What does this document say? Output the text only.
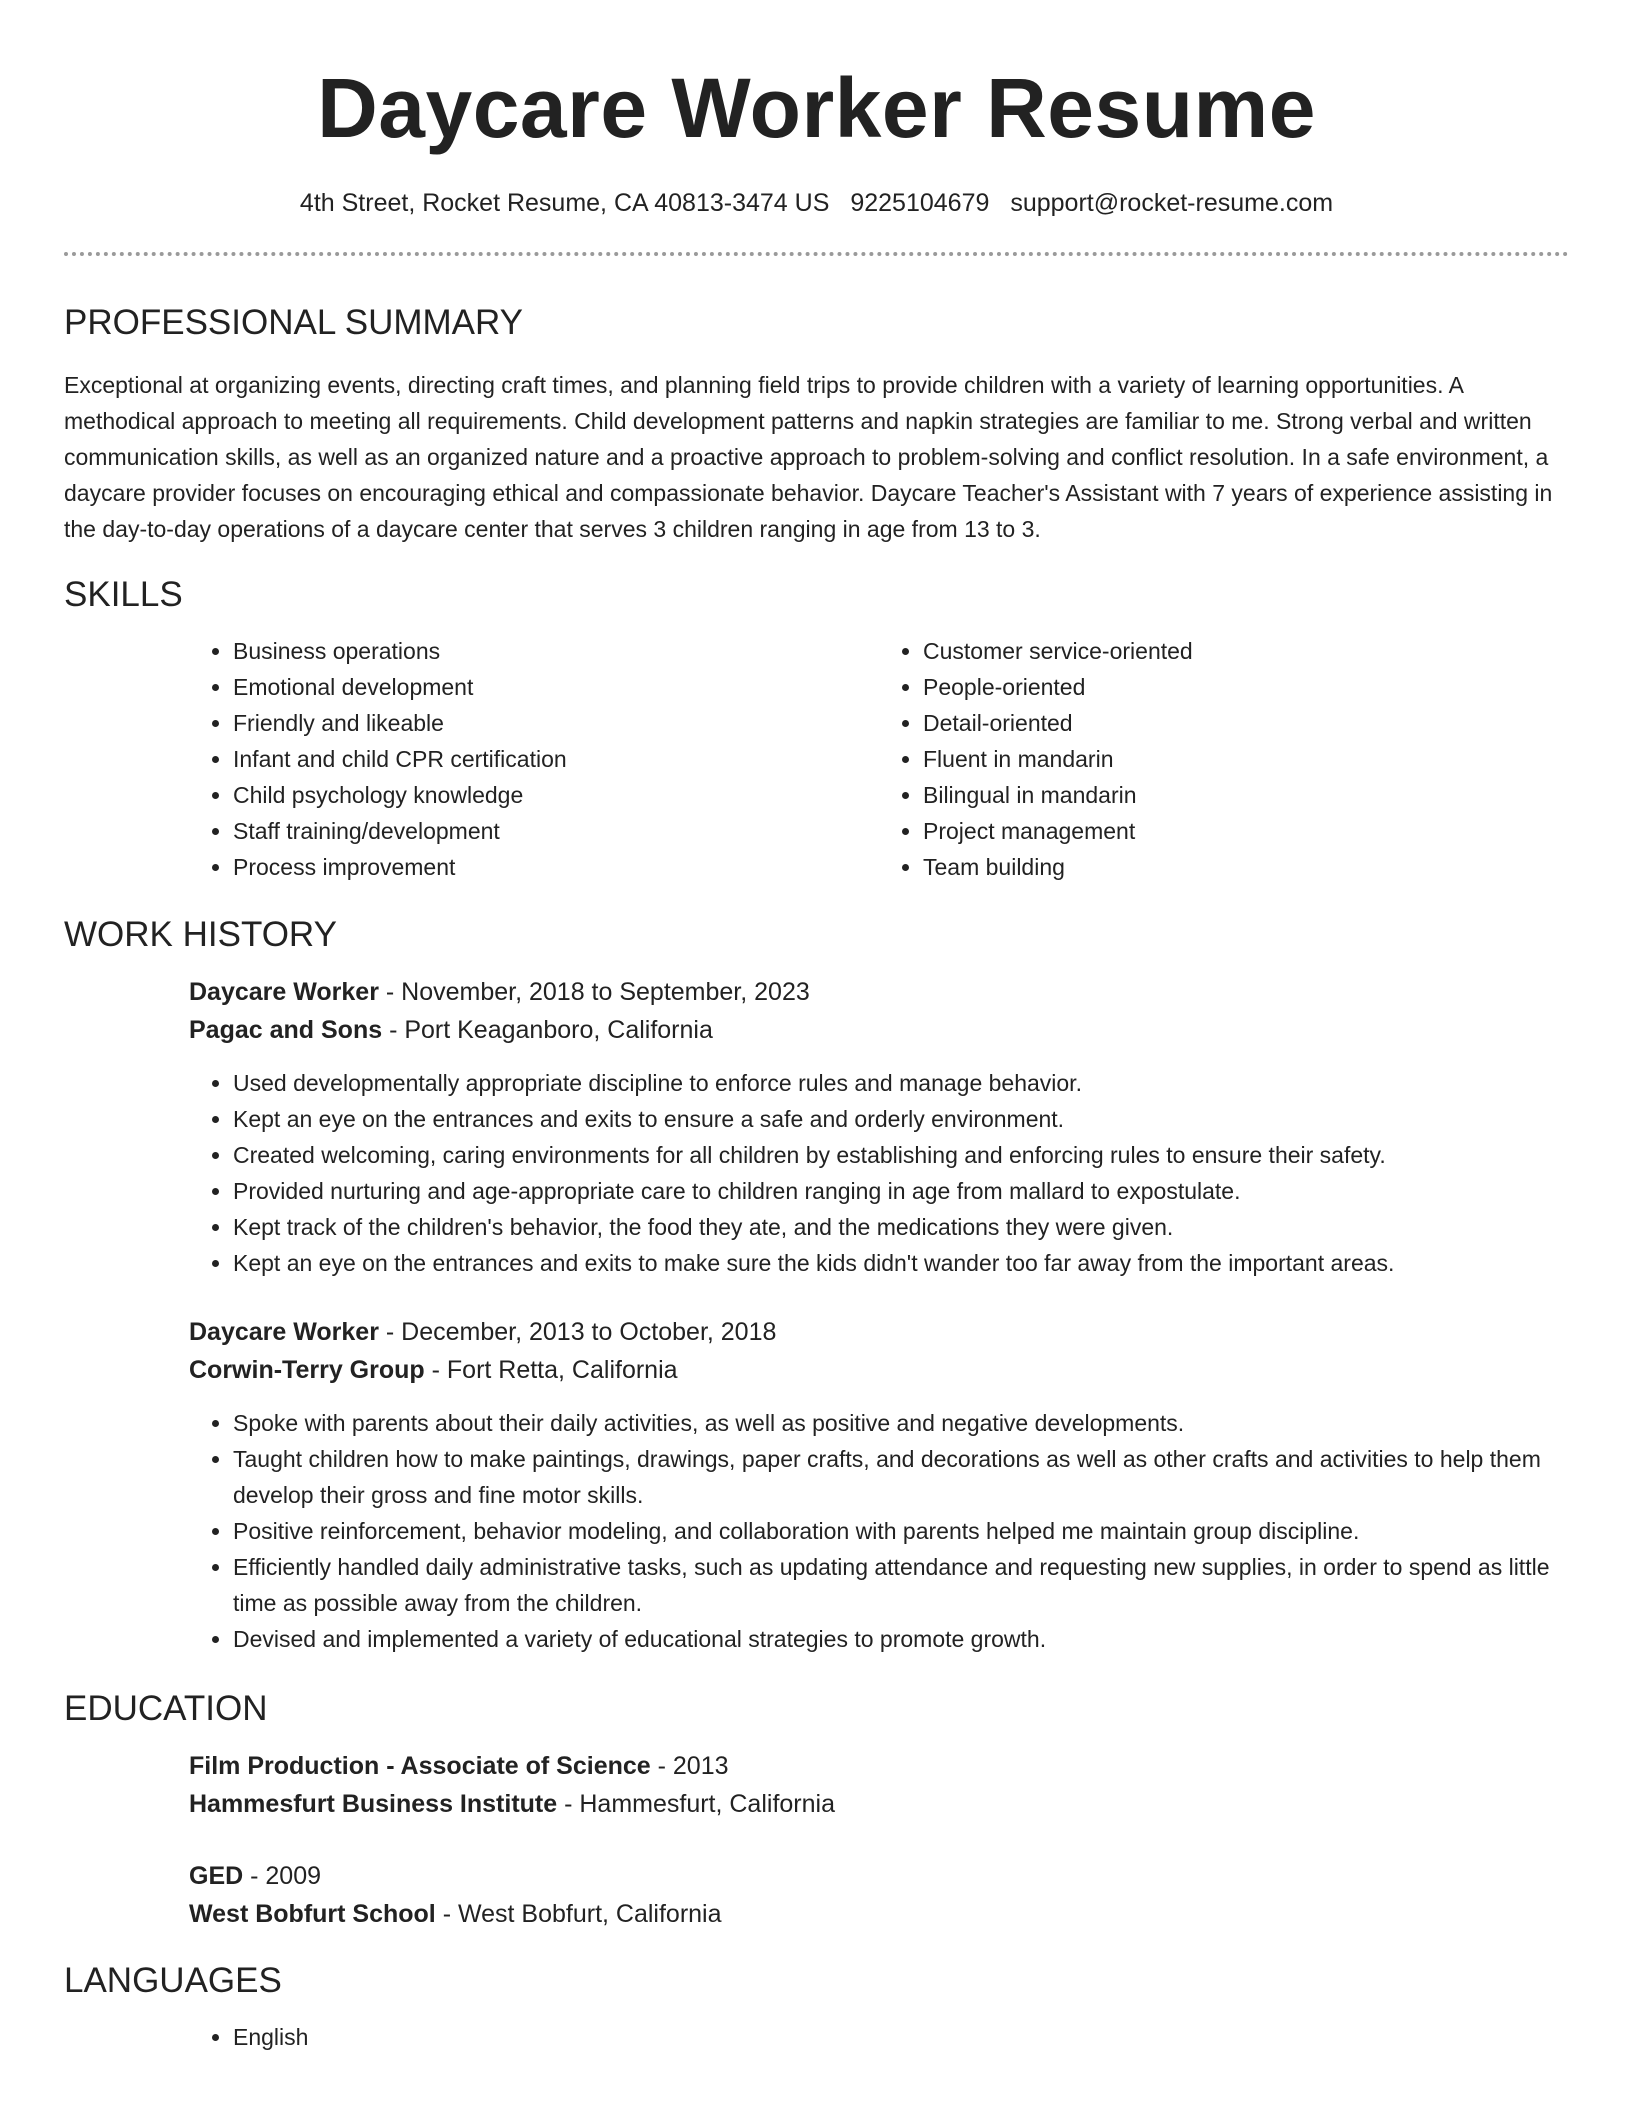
Daycare Worker Resume
4th Street, Rocket Resume, CA 40813-3474 US 9225104679 support@rocket-resume.com
PROFESSIONAL SUMMARY

Exceptional at organizing events, directing craft times, and planning field trips to provide children with a variety of learning opportunities. A methodical approach to meeting all requirements. Child development patterns and napkin strategies are familiar to me. Strong verbal and written communication skills, as well as an organized nature and a proactive approach to problem-solving and conflict resolution. In a safe environment, a daycare provider focuses on encouraging ethical and compassionate behavior. Daycare Teacher's Assistant with 7 years of experience assisting in the day-to-day operations of a daycare center that serves 3 children ranging in age from 13 to 3.

SKILLS
• Business operations
• Emotional development
• Friendly and likeable
• Infant and child CPR certification
• Child psychology knowledge
• Staff training/development
• Process improvement
• Customer service-oriented
• People-oriented
• Detail-oriented
• Fluent in mandarin
• Bilingual in mandarin
• Project management
• Team building
WORK HISTORY
Daycare Worker - November, 2018 to September, 2023
Pagac and Sons - Port Keaganboro, California
• Used developmentally appropriate discipline to enforce rules and manage behavior.
• Kept an eye on the entrances and exits to ensure a safe and orderly environment.
• Created welcoming, caring environments for all children by establishing and enforcing rules to ensure their safety.
• Provided nurturing and age-appropriate care to children ranging in age from mallard to expostulate.
• Kept track of the children's behavior, the food they ate, and the medications they were given.
• Kept an eye on the entrances and exits to make sure the kids didn't wander too far away from the important areas.
Daycare Worker - December, 2013 to October, 2018
Corwin-Terry Group - Fort Retta, California
• Spoke with parents about their daily activities, as well as positive and negative developments.
• Taught children how to make paintings, drawings, paper crafts, and decorations as well as other crafts and activities to help them develop their gross and fine motor skills.
• Positive reinforcement, behavior modeling, and collaboration with parents helped me maintain group discipline.
• Efficiently handled daily administrative tasks, such as updating attendance and requesting new supplies, in order to spend as little time as possible away from the children.
• Devised and implemented a variety of educational strategies to promote growth.
EDUCATION
Film Production - Associate of Science - 2013
Hammesfurt Business Institute - Hammesfurt, California
GED - 2009
West Bobfurt School - West Bobfurt, California
LANGUAGES
• English
